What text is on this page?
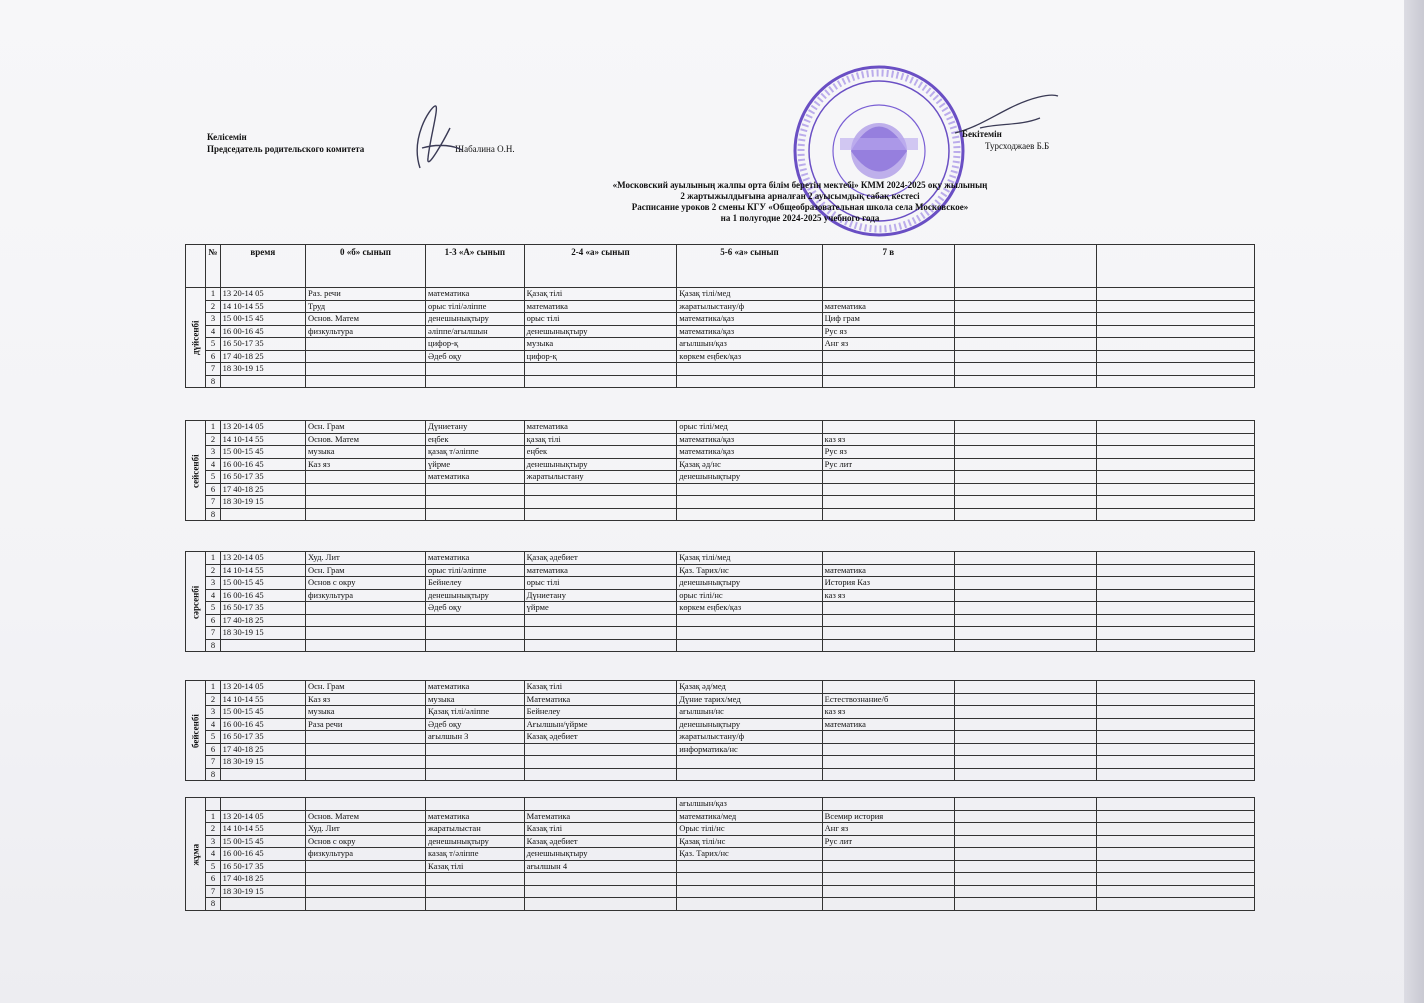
Келісемін
Председатель родительского комитета	Шабалина О.Н.
Бекітемін
Турсходжаев Б.Б
«Московский ауылының жалпы орта білім беретін мектебі» КММ 2024-2025 оқу жылының
2 жартыжылдығына арналған 2 ауысымдық сабақ кестесі
Расписание уроков 2 смены КГУ «Общеобразовательная школа села Московское»
на 1 полугодие 2024-2025 учебного года
	№	время	0 «б» сынып	1-3 «А» сынып	2-4 «а» сынып	5-6 «а» сынып	7 в		
дүйсенбі	1	13 20-14 05	Раз. речи	математика	Қазақ тілі	Қазақ тілі/мед			
	2	14 10-14 55	Труд	орыс тілі/әліппе	математика	жаратылыстану/ф	математика		
	3	15 00-15 45	Основ. Матем	денешынықтыру	орыс тілі	математика/қаз	Циф грам		
	4	16 00-16 45	физкультура	әліппе/ағылшын	денешынықтыру	математика/қаз	Рус яз		
	5	16 50-17 35		цифор-қ	музыка	ағылшын/қаз	Анг яз		
	6	17 40-18 25		Әдеб оқу	цифор-қ	көркем еңбек/қаз			
	7	18 30-19 15							
	8								
сейсенбі	1	13 20-14 05	Осн. Грам	Дүниетану	математика	орыс тілі/мед			
	2	14 10-14 55	Основ. Матем	еңбек	қазақ тілі	математика/қаз	каз яз		
	3	15 00-15 45	музыка	қазақ т/әліппе	еңбек	математика/қаз	Рус яз		
	4	16 00-16 45	Каз яз	үйрме	денешынықтыру	Қазақ әд/нс	Рус лит		
	5	16 50-17 35		математика	жаратылыстану	денешынықтыру			
	6	17 40-18 25							
	7	18 30-19 15							
	8								
сәрсенбі	1	13 20-14 05	Худ. Лит	математика	Қазақ әдебиет	Қазақ тілі/мед			
	2	14 10-14 55	Осн. Грам	орыс тілі/әліппе	математика	Қаз. Тарих/нс	математика		
	3	15 00-15 45	Основ с окру	Бейнелеу	орыс тілі	денешынықтыру	История Каз		
	4	16 00-16 45	физкультура	денешынықтыру	Дүниетану	орыс тілі/нс	каз яз		
	5	16 50-17 35		Әдеб оқу	үйрме	көркем еңбек/қаз			
	6	17 40-18 25							
	7	18 30-19 15							
	8								
бейсенбі	1	13 20-14 05	Осн. Грам	математика	Казақ тілі	Қазақ әд/мед			
	2	14 10-14 55	Каз яз	музыка	Математика	Дүние тарих/мед	Естествознание/б		
	3	15 00-15 45	музыка	Қазақ тілі/әліппе	Бейнелеу	ағылшын/нс	каз яз		
	4	16 00-16 45	Раза речи	Әдеб оқу	Ағылшын/үйрме	денешынықтыру	математика		
	5	16 50-17 35		ағылшын 3	Казақ әдебиет	жаратылыстану/ф			
	6	17 40-18 25				информатика/нс			
	7	18 30-19 15							
	8								
жұма						ағылшын/қаз			
	1	13 20-14 05	Основ. Матем	математика	Математика	математика/мед	Всемир история		
	2	14 10-14 55	Худ. Лит	жаратылыстан	Казақ тілі	Орыс тілі/нс	Анг яз		
	3	15 00-15 45	Основ с окру	денешынықтыру	Казақ әдебиет	Қазақ тілі/нс	Рус лит		
	4	16 00-16 45	физкультура	казақ т/әліппе	денешынықтыру	Қаз. Тарих/нс			
	5	16 50-17 35		Казақ тілі	ағылшын 4				
	6	17 40-18 25							
	7	18 30-19 15							
	8								
